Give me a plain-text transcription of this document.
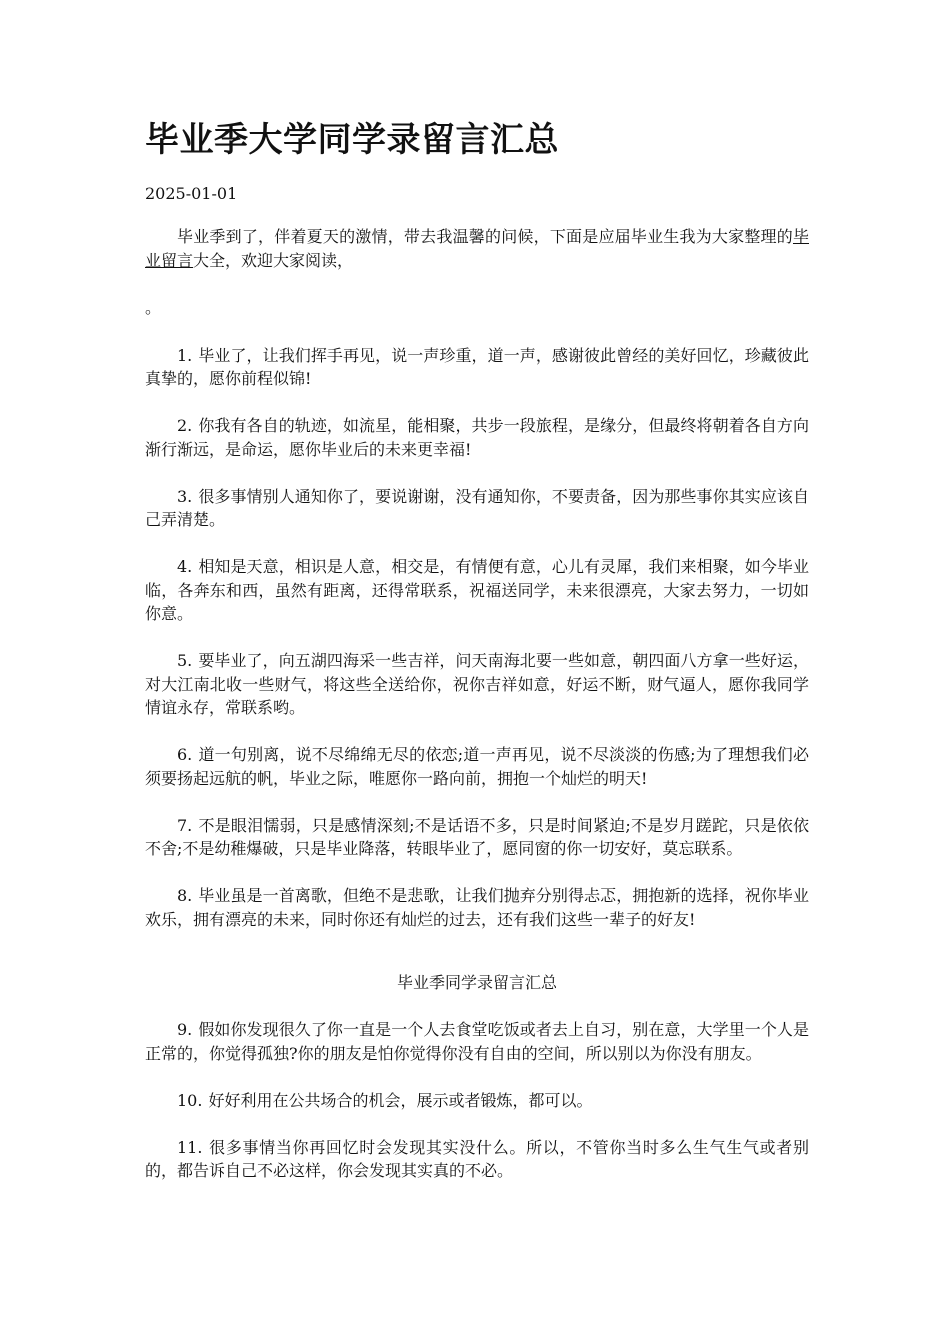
毕业季大学同学录留言汇总
2025-01-01

毕业季到了，伴着夏天的激情，带去我温馨的问候，下面是应届毕业生我为大家整理的毕业留言大全，欢迎大家阅读，

。

1. 毕业了，让我们挥手再见，说一声珍重，道一声，感谢彼此曾经的美好回忆，珍藏彼此真挚的，愿你前程似锦!

2. 你我有各自的轨迹，如流星，能相聚，共步一段旅程，是缘分，但最终将朝着各自方向渐行渐远，是命运，愿你毕业后的未来更幸福!

3. 很多事情别人通知你了，要说谢谢，没有通知你，不要责备，因为那些事你其实应该自己弄清楚。

4. 相知是天意，相识是人意，相交是，有情便有意，心儿有灵犀，我们来相聚，如今毕业临，各奔东和西，虽然有距离，还得常联系，祝福送同学，未来很漂亮，大家去努力，一切如你意。

5. 要毕业了，向五湖四海采一些吉祥，问天南海北要一些如意，朝四面八方拿一些好运，对大江南北收一些财气，将这些全送给你，祝你吉祥如意，好运不断，财气逼人，愿你我同学情谊永存，常联系哟。

6. 道一句别离，说不尽绵绵无尽的依恋;道一声再见，说不尽淡淡的伤感;为了理想我们必须要扬起远航的帆，毕业之际，唯愿你一路向前，拥抱一个灿烂的明天!

7. 不是眼泪懦弱，只是感情深刻;不是话语不多，只是时间紧迫;不是岁月蹉跎，只是依依不舍;不是幼稚爆破，只是毕业降落，转眼毕业了，愿同窗的你一切安好，莫忘联系。

8. 毕业虽是一首离歌，但绝不是悲歌，让我们抛弃分别得忐忑，拥抱新的选择，祝你毕业欢乐，拥有漂亮的未来，同时你还有灿烂的过去，还有我们这些一辈子的好友!

毕业季同学录留言汇总

9. 假如你发现很久了你一直是一个人去食堂吃饭或者去上自习，别在意，大学里一个人是正常的，你觉得孤独?你的朋友是怕你觉得你没有自由的空间，所以别以为你没有朋友。

10. 好好利用在公共场合的机会，展示或者锻炼，都可以。

11. 很多事情当你再回忆时会发现其实没什么。所以，不管你当时多么生气生气或者别的，都告诉自己不必这样，你会发现其实真的不必。
